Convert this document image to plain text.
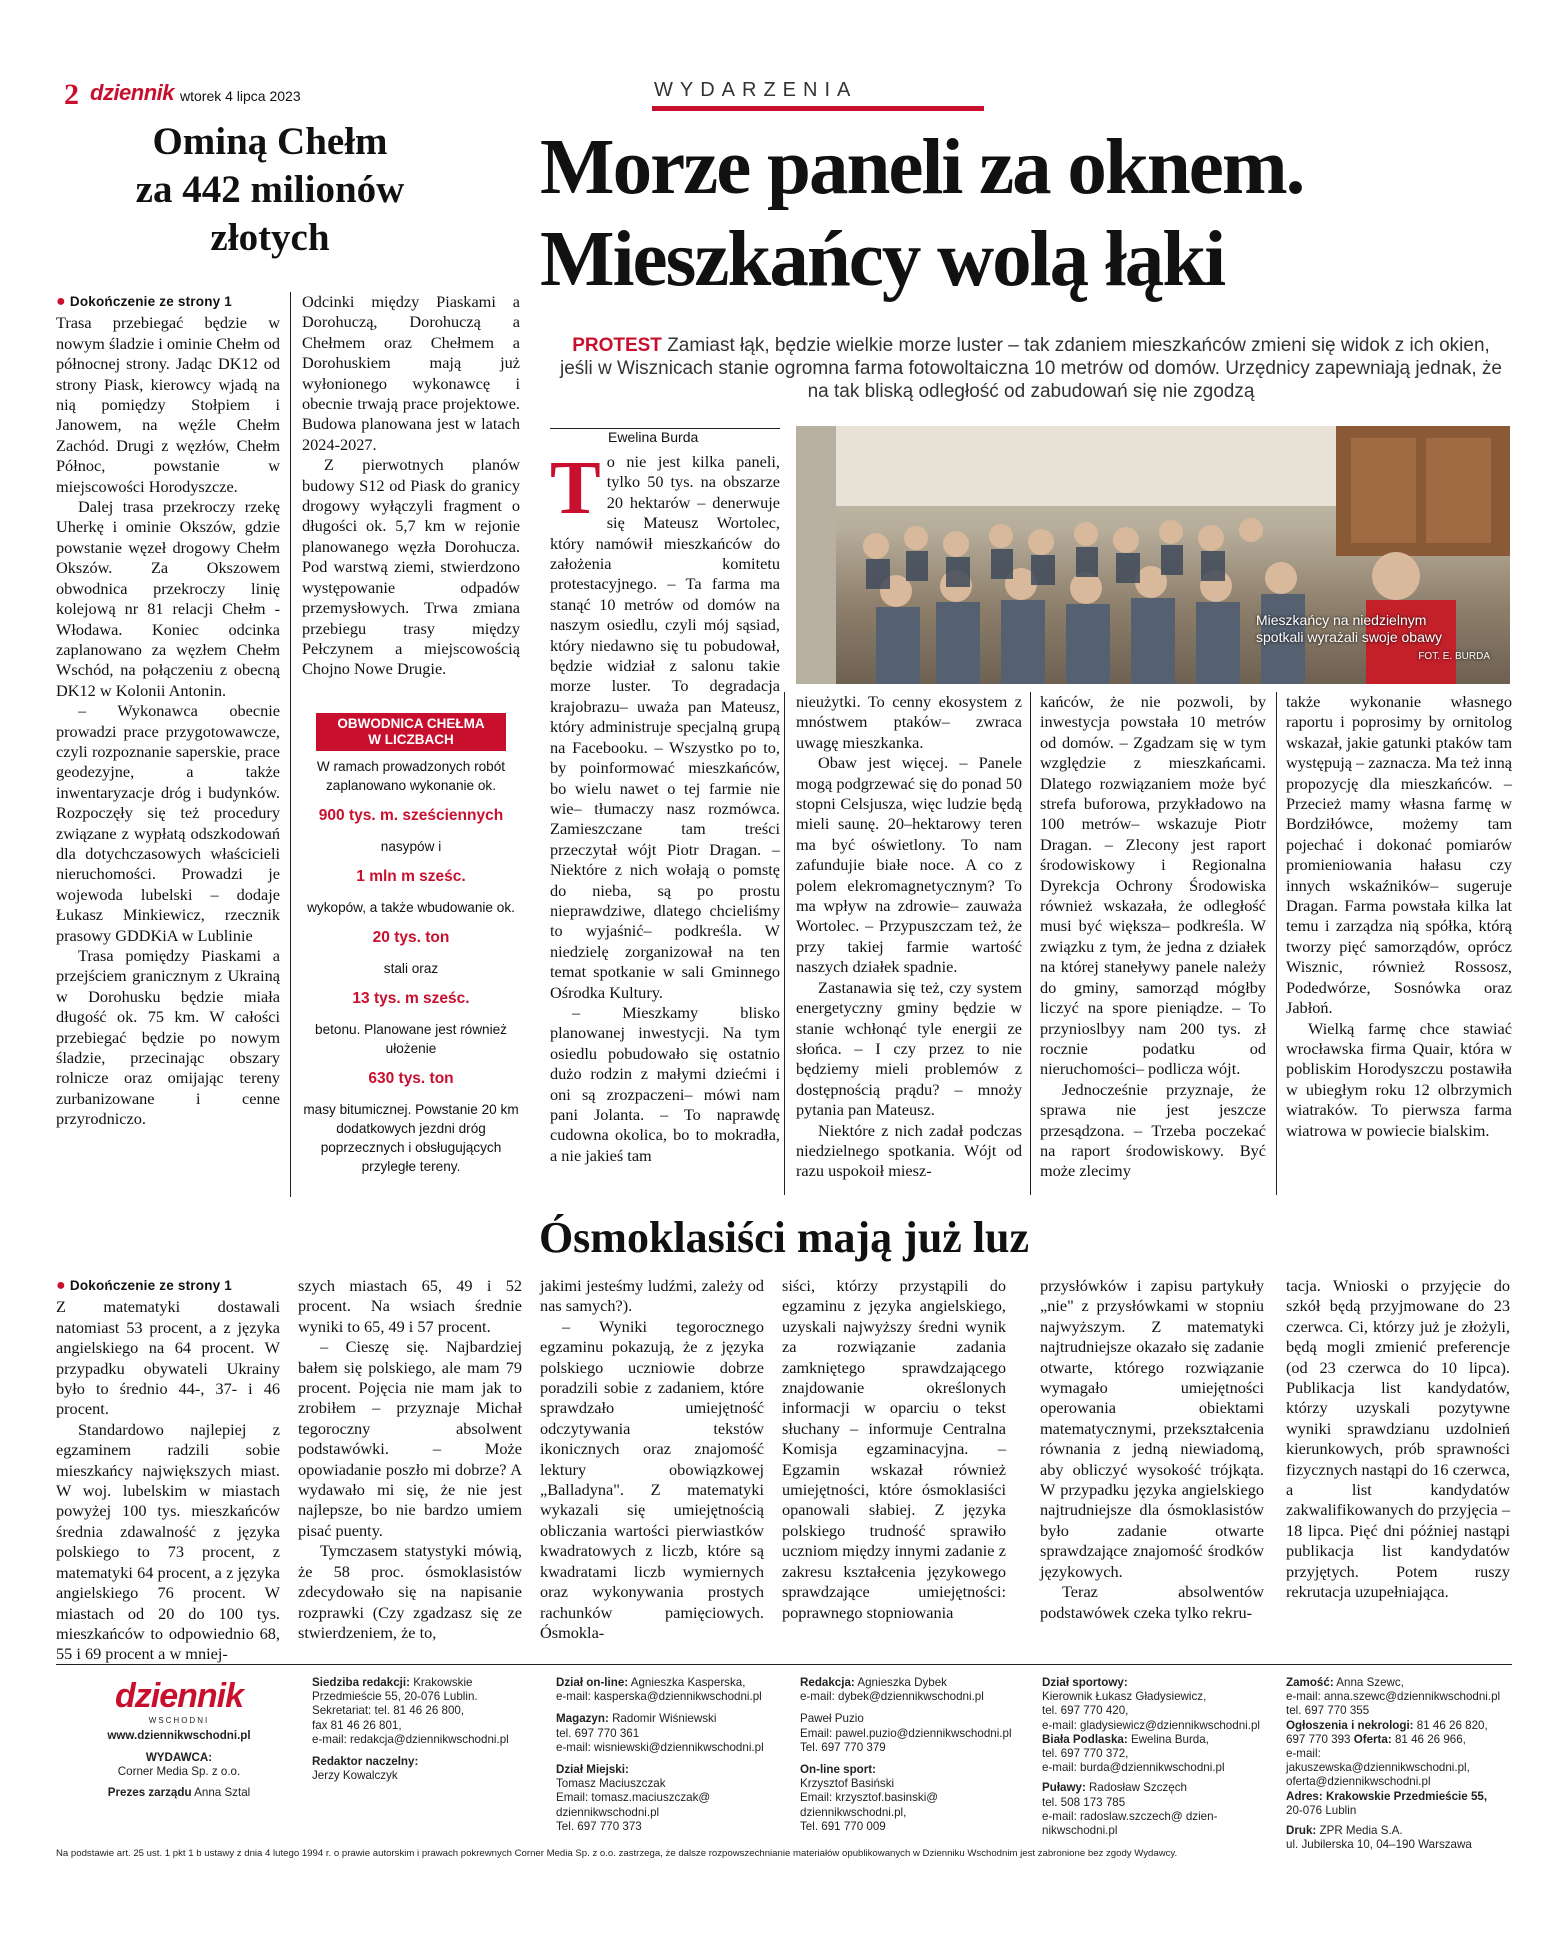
2 dziennik wtorek 4 lipca 2023	WYDARZENIA
Ominą Chełm
za 442 milionów
złotych
● Dokończenie ze strony 1

Trasa przebiegać będzie w nowym śladzie i ominie Chełm od północnej strony. Jadąc DK12 od strony Piask, kierowcy wjadą na nią pomiędzy Stołpiem i Janowem, na węźle Chełm Zachód. Drugi z węzłów, Chełm Północ, powstanie w miejscowości Horodyszcze.

Dalej trasa przekroczy rzekę Uherkę i ominie Okszów, gdzie powstanie węzeł drogowy Chełm Okszów. Za Okszowem obwodnica przekroczy linię kolejową nr 81 relacji Chełm - Włodawa. Koniec odcinka zaplanowano za węzłem Chełm Wschód, na połączeniu z obecną DK12 w Kolonii Antonin.

– Wykonawca obecnie prowadzi prace przygotowawcze, czyli rozpoznanie saperskie, prace geodezyjne, a także inwentaryzacje dróg i budynków. Rozpoczęły się też procedury związane z wypłatą odszkodowań dla dotychczasowych właścicieli nieruchomości. Prowadzi je wojewoda lubelski – dodaje Łukasz Minkiewicz, rzecznik prasowy GDDKiA w Lublinie

Trasa pomiędzy Piaskami a przejściem granicznym z Ukrainą w Dorohusku będzie miała długość ok. 75 km. W całości przebiegać będzie po nowym śladzie, przecinając obszary rolnicze oraz omijając tereny zurbanizowane i cenne przyrodniczo.

Odcinki między Piaskami a Dorohuczą, Dorohuczą a Chełmem oraz Chełmem a Dorohuskiem mają już wyłonionego wykonawcę i obecnie trwają prace projektowe. Budowa planowana jest w latach 2024-2027.

Z pierwotnych planów budowy S12 od Piask do granicy drogowy wyłączyli fragment o długości ok. 5,7 km w rejonie planowanego węzła Dorohucza. Pod warstwą ziemi, stwierdzono występowanie odpadów przemysłowych. Trwa zmiana przebiegu trasy między Pełczynem a miejscowością Chojno Nowe Drugie.

OBWODNICA CHEŁMA
W LICZBACH

W ramach prowadzonych robót zaplanowano wykonanie ok.

900 tys. m. sześciennych

nasypów i

1 mln m sześc.

wykopów, a także wbudowanie ok.

20 tys. ton

stali oraz

13 tys. m sześc.

betonu. Planowane jest również ułożenie

630 tys. ton

masy bitumicznej. Powstanie 20 km dodatkowych jezdni dróg poprzecznych i obsługujących przyległe tereny.

Morze paneli za oknem.
Mieszkańcy wolą łąki
PROTEST Zamiast łąk, będzie wielkie morze luster – tak zdaniem mieszkańców zmieni się widok z ich okien, jeśli w Wisznicach stanie ogromna farma fotowoltaiczna 10 metrów od domów. Urzędnicy zapewniają jednak, że na tak bliską odległość od zabudowań się nie zgodzą
Ewelina Burda
T o nie jest kilka paneli, tylko 50 tys. na obszarze 20 hektarów – denerwuje się Mateusz Wortolec, który namówił mieszkańców do założenia komitetu protestacyjnego. – Ta farma ma stanąć 10 metrów od domów na naszym osiedlu, czyli mój sąsiad, który niedawno się tu pobudował, będzie widział z salonu takie morze luster. To degradacja krajobrazu– uważa pan Mateusz, który administruje specjalną grupą na Facebooku. – Wszystko po to, by poinformować mieszkańców, bo wielu nawet o tej farmie nie wie– tłumaczy nasz rozmówca. Zamieszczane tam treści przeczytał wójt Piotr Dragan. – Niektóre z nich wołają o pomstę do nieba, są po prostu nieprawdziwe, dlatego chcieliśmy to wyjaśnić– podkreśla. W niedzielę zorganizował na ten temat spotkanie w sali Gminnego Ośrodka Kultury.

– Mieszkamy blisko planowanej inwestycji. Na tym osiedlu pobudowało się ostatnio dużo rodzin z małymi dziećmi i oni są zrozpaczeni– mówi nam pani Jolanta. – To naprawdę cudowna okolica, bo to mokradła, a nie jakieś tam

Mieszkańcy na niedzielnym
spotkali wyrażali swoje obawy
FOT. E. BURDA

nieużytki. To cenny ekosystem z mnóstwem ptaków– zwraca uwagę mieszkanka.

Obaw jest więcej. – Panele mogą podgrzewać się do ponad 50 stopni Celsjusza, więc ludzie będą mieli saunę. 20–hektarowy teren ma być oświetlony. To nam zafundujie białe noce. A co z polem elekromagnetycznym? To ma wpływ na zdrowie– zauważa Wortolec. – Przypuszczam też, że przy takiej farmie wartość naszych działek spadnie.

Zastanawia się też, czy system energetyczny gminy będzie w stanie wchłonąć tyle energii ze słońca. – I czy przez to nie będziemy mieli problemów z dostępnością prądu? – mnoży pytania pan Mateusz.

Niektóre z nich zadał podczas niedzielnego spotkania. Wójt od razu uspokoił miesz-

kańców, że nie pozwoli, by inwestycja powstała 10 metrów od domów. – Zgadzam się w tym względzie z mieszkańcami. Dlatego rozwiązaniem może być strefa buforowa, przykładowo na 100 metrów– wskazuje Piotr Dragan. – Zlecony jest raport środowiskowy i Regionalna Dyrekcja Ochrony Środowiska również wskazała, że odległość musi być większa– podkreśla. W związku z tym, że jedna z działek na której staneływy panele należy do gminy, samorząd mógłby liczyć na spore pieniądze. – To przynioslbyy nam 200 tys. zł rocznie podatku od nieruchomości– podlicza wójt.

Jednocześnie przyznaje, że sprawa nie jest jeszcze przesądzona. – Trzeba poczekać na raport środowiskowy. Być może zlecimy

także wykonanie własnego raportu i poprosimy by ornitolog wskazał, jakie gatunki ptaków tam występują – zaznacza. Ma też inną propozycję dla mieszkańców. – Przecież mamy własna farmę w Bordziłówce, możemy tam pojechać i dokonać pomiarów promieniowania hałasu czy innych wskaźników– sugeruje Dragan. Farma powstała kilka lat temu i zarządza nią spółka, którą tworzy pięć samorządów, oprócz Wisznic, również Rossosz, Podedwórze, Sosnówka oraz Jabłoń.

Wielką farmę chce stawiać wrocławska firma Quair, która w pobliskim Horodyszczu postawiła w ubiegłym roku 12 olbrzymich wiatraków. To pierwsza farma wiatrowa w powiecie bialskim.

Ósmoklasiści mają już luz
● Dokończenie ze strony 1

Z matematyki dostawali natomiast 53 procent, a z języka angielskiego na 64 procent. W przypadku obywateli Ukrainy było to średnio 44-, 37- i 46 procent.

Standardowo najlepiej z egzaminem radzili sobie mieszkańcy największych miast. W woj. lubelskim w miastach powyżej 100 tys. mieszkańców średnia zdawalność z języka polskiego to 73 procent, z matematyki 64 procent, a z języka angielskiego 76 procent. W miastach od 20 do 100 tys. mieszkańców to odpowiednio 68, 55 i 69 procent a w mniej-

szych miastach 65, 49 i 52 procent. Na wsiach średnie wyniki to 65, 49 i 57 procent.

– Cieszę się. Najbardziej bałem się polskiego, ale mam 79 procent. Pojęcia nie mam jak to zrobiłem – przyznaje Michał tegoroczny absolwent podstawówki. – Może opowiadanie poszło mi dobrze? A wydawało mi się, że nie jest najlepsze, bo nie bardzo umiem pisać puenty.

Tymczasem statystyki mówią, że 58 proc. ósmoklasistów zdecydowało się na napisanie rozprawki (Czy zgadzasz się ze stwierdzeniem, że to,

jakimi jesteśmy ludźmi, zależy od nas samych?).

– Wyniki tegorocznego egzaminu pokazują, że z języka polskiego uczniowie dobrze poradzili sobie z zadaniem, które sprawdzało umiejętność odczytywania tekstów ikonicznych oraz znajomość lektury obowiązkowej „Balladyna". Z matematyki wykazali się umiejętnością obliczania wartości pierwiastków kwadratowych z liczb, które są kwadratami liczb wymiernych oraz wykonywania prostych rachunków pamięciowych. Ósmokla-

siści, którzy przystąpili do egzaminu z języka angielskiego, uzyskali najwyższy średni wynik za rozwiązanie zadania zamkniętego sprawdzającego znajdowanie określonych informacji w oparciu o tekst słuchany – informuje Centralna Komisja egzaminacyjna. – Egzamin wskazał również umiejętności, które ósmoklasiści opanowali słabiej. Z języka polskiego trudność sprawiło uczniom między innymi zadanie z zakresu kształcenia językowego sprawdzające umiejętności: poprawnego stopniowania

przysłówków i zapisu partykuły „nie" z przysłówkami w stopniu najwyższym. Z matematyki najtrudniejsze okazało się zadanie otwarte, którego rozwiązanie wymagało umiejętności operowania obiektami matematycznymi, przekształcenia równania z jedną niewiadomą, aby obliczyć wysokość trójkąta. W przypadku języka angielskiego najtrudniejsze dla ósmoklasistów było zadanie otwarte sprawdzające znajomość środków językowych.

Teraz absolwentów podstawówek czeka tylko rekru-

tacja. Wnioski o przyjęcie do szkół będą przyjmowane do 23 czerwca. Ci, którzy już je złożyli, będą mogli zmienić preferencje (od 23 czerwca do 10 lipca). Publikacja list kandydatów, którzy uzyskali pozytywne wyniki sprawdzianu uzdolnień kierunkowych, prób sprawności fizycznych nastąpi do 16 czerwca, a list kandydatów zakwalifikowanych do przyjęcia – 18 lipca. Pięć dni później nastąpi publikacja list kandydatów przyjętych. Potem ruszy rekrutacja uzupełniająca.

dziennik
WSCHODNI
www.dziennikwschodni.pl
WYDAWCA:
Corner Media Sp. z o.o.
Prezes zarządu Anna Sztal
Siedziba redakcji: Krakowskie
Przedmieście 55, 20-076 Lublin.
Sekretariat: tel. 81 46 26 800,
fax 81 46 26 801,
e-mail: redakcja@dziennikwschodni.pl
Redaktor naczelny:
Jerzy Kowalczyk
Dział on-line: Agnieszka Kasperska,
e-mail: kasperska@dziennikwschodni.pl
Magazyn: Radomir Wiśniewski
tel. 697 770 361
e-mail: wisniewski@dziennikwschodni.pl
Dział Miejski:
Tomasz Maciuszczak
Email: tomasz.maciuszczak@
dziennikwschodni.pl
Tel. 697 770 373
Redakcja: Agnieszka Dybek
e-mail: dybek@dziennikwschodni.pl
Paweł Puzio
Email: pawel.puzio@dziennikwschodni.pl
Tel. 697 770 379
On-line sport:
Krzysztof Basiński
Email: krzysztof.basinski@
dziennikwschodni.pl,
Tel. 691 770 009
Dział sportowy:
Kierownik Łukasz Gładysiewicz,
tel. 697 770 420,
e-mail: gladysiewicz@dziennikwschodni.pl
Biała Podlaska: Ewelina Burda,
tel. 697 770 372,
e-mail: burda@dziennikwschodni.pl
Puławy: Radosław Szczęch
tel. 508 173 785
e-mail: radoslaw.szczech@ dzien-
nikwschodni.pl
Zamość: Anna Szewc,
e-mail: anna.szewc@dziennikwschodni.pl
tel. 697 770 355
Ogłoszenia i nekrologi: 81 46 26 820,
697 770 393 Oferta: 81 46 26 966,
e-mail:
jakuszewska@dziennikwschodni.pl,
oferta@dziennikwschodni.pl
Adres: Krakowskie Przedmieście 55,
20-076 Lublin
Druk: ZPR Media S.A.
ul. Jubilerska 10, 04–190 Warszawa
Na podstawie art. 25 ust. 1 pkt 1 b ustawy z dnia 4 lutego 1994 r. o prawie autorskim i prawach pokrewnych Corner Media Sp. z o.o. zastrzega, że dalsze rozpowszechnianie materiałów opublikowanych w Dzienniku Wschodnim jest zabronione bez zgody Wydawcy.
